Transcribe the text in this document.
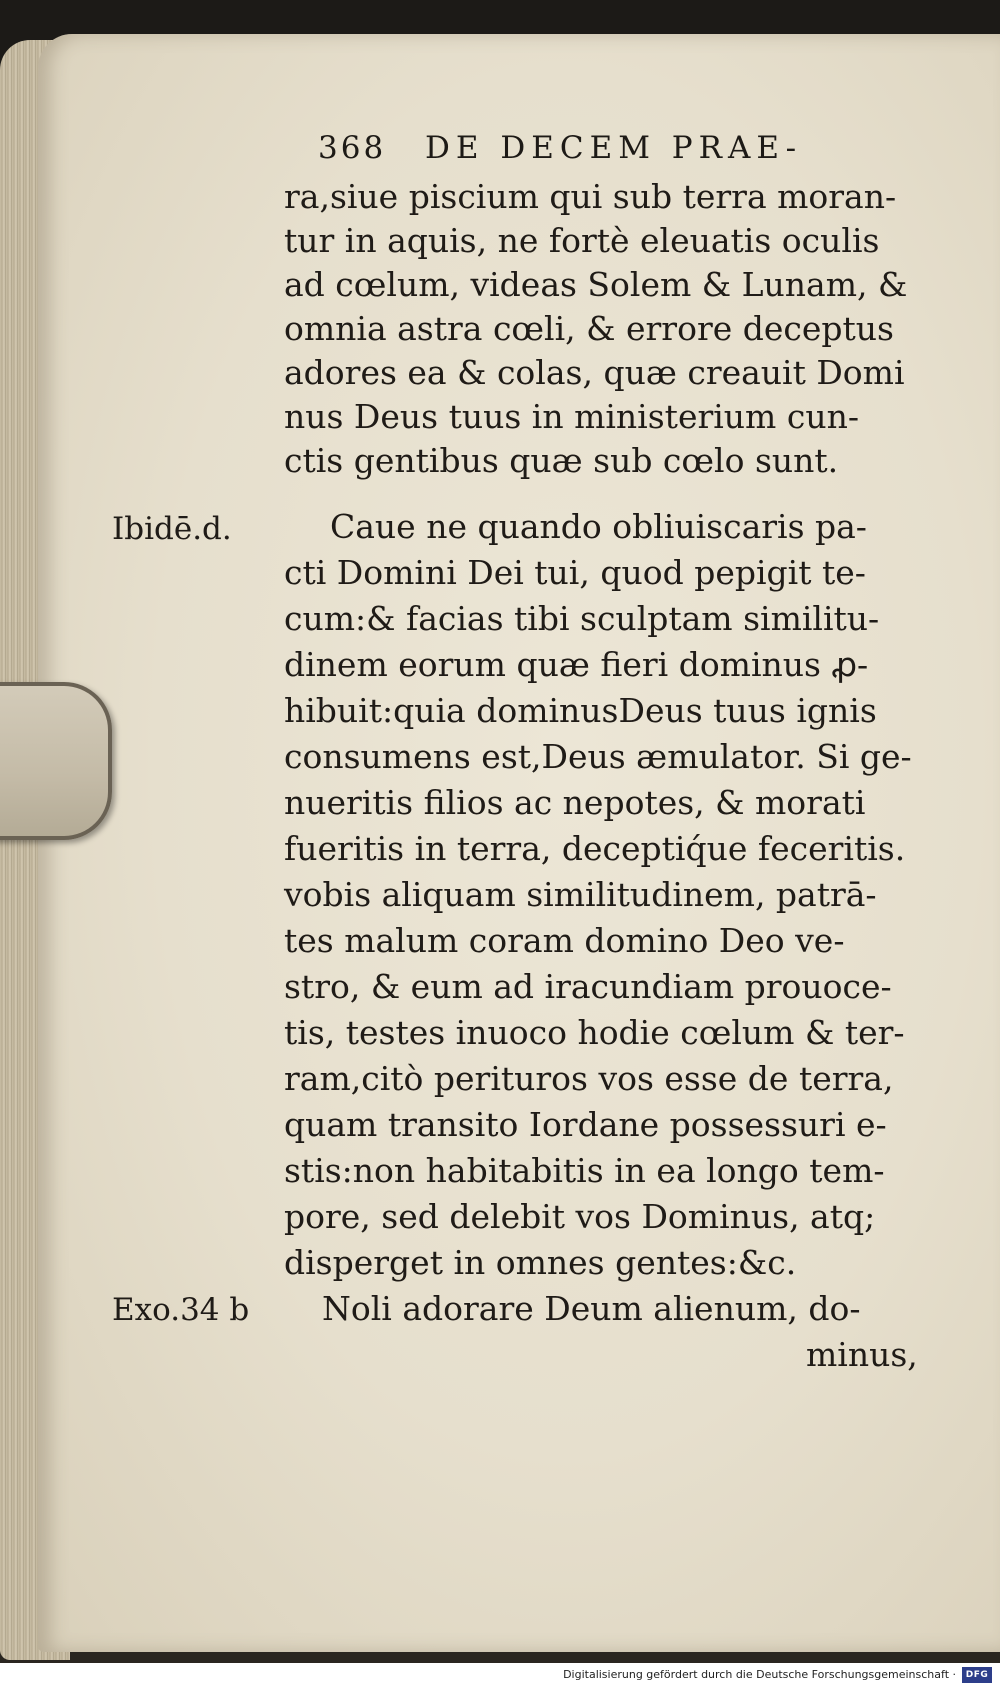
368 DE DECEM PRAE-
ra,siue piscium qui sub terra moran-
tur in aquis, ne fortè eleuatis oculis
ad cœlum, videas Solem & Lunam, &
omnia astra cœli, & errore deceptus
adores ea & colas, quæ creauit Domi
nus Deus tuus in ministerium cun-
ctis gentibus quæ sub cœlo sunt.
Ibidē.d.	Caue ne quando obliuiscaris pa-
cti Domini Dei tui, quod pepigit te-
cum:& facias tibi sculptam similitu-
dinem eorum quæ fieri dominus ꝓ-
hibuit:quia dominusDeus tuus ignis
consumens est,Deus æmulator. Si ge-
nueritis filios ac nepotes, & morati
fueritis in terra, deceptiq́ue feceritis.
vobis aliquam similitudinem, patrā-
tes malum coram domino Deo ve-
stro, & eum ad iracundiam prouoce-
tis, testes inuoco hodie cœlum & ter-
ram,citò perituros vos esse de terra,
quam transito Iordane possessuri e-
stis:non habitabitis in ea longo tem-
pore, sed delebit vos Dominus, atq;
disperget in omnes gentes:&c.
Exo.34 b Noli adorare Deum alienum, do-
minus,
Digitalisierung gefördert durch die Deutsche Forschungsgemeinschaft ·	DFG
